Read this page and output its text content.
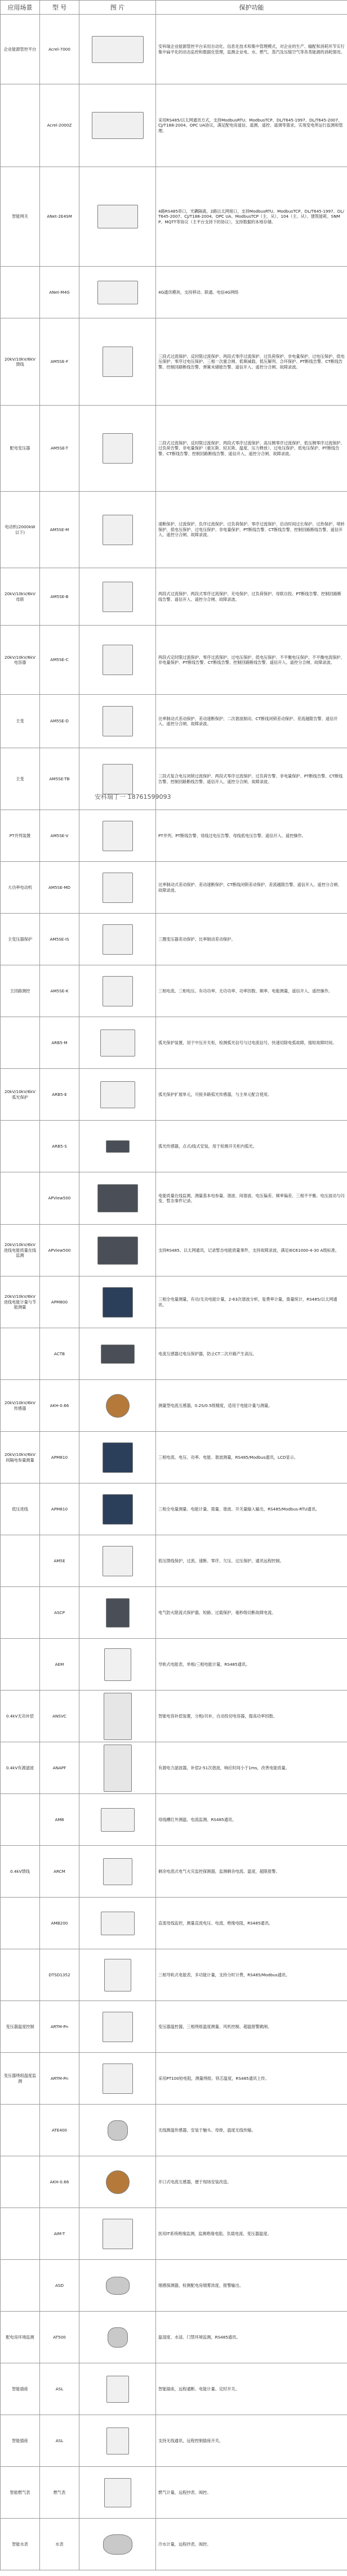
应用场景	型 号	图 片	保护功能
企业能源管控平台	Acrel-7000		安科瑞企业能源管控平台采用自动化、信息化技术和集中管理模式，对企业的生产、输配和消耗环节实行集中扁平化的动态监控和数据化管理，监测企业电、水、燃气、蒸汽及压缩空气等各类能源的消耗情况。
	Acrel-2000Z		采用RS485/以太网通讯方式，支持ModbusRTU、ModbusTCP、DL/T645-1997、DL/T645-2007、CJ/T188-2004、OPC UA协议，满足配电房遥信、遥测、遥控、遥调等需求，实现变电所运行监测和管理。
智能网关	ANet-2E4SM		4路RS485串口，光耦隔离，2路以太网接口，支持ModbusRTU、ModbusTCP、DL/T645-1997、DL/T645-2007、CJ/T188-2004、OPC UA、ModbusTCP（主、从）、104（主、从）、建筑能耗、SNMP、MQTT等协议（主平台支持下的协议），支持数据的本地存储。
	ANet-M4G		4G通讯模块，支持移动、联通、电信4G网络
20kV/10kV/6kV馈线	AM5SE-F		三段式过流保护、反时限过流保护、两段式零序过流保护、过负荷保护、非电量保护、过电压保护、低电压保护、零序过电压保护、三相一次重合闸、低频减载、低压解列、合环保护、PT断线告警、CT断线告警、控制回路断线告警、弹簧未储能告警、遥信开入、遥控分合闸、故障录波。
配电变压器	AM5SE-T		三段式过流保护、反时限过流保护、两段式零序过流保护、高压侧零序过流保护、低压侧零序过流保护、过负荷告警、非电量保护（重瓦斯、轻瓦斯、温度、压力释放）、过电压保护、低电压保护、PT断线告警、CT断线告警、控制回路断线告警、遥信开入、遥控分合闸、故障录波。
电动机(2000kW以下)	AM5SE-M		速断保护、过流保护、负序过流保护、过负荷保护、零序过流保护、启动时间过长保护、过热保护、堵转保护、低电压保护、过电压保护、非电量保护、PT断线告警、CT断线告警、控制回路断线告警、遥信开入、遥控分合闸、故障录波。
20kV/10kV/6kV母联	AM5SE-B		两段式过流保护、两段式零序过流保护、充电保护、过负荷保护、母联自投、PT断线告警、控制回路断线告警、遥信开入、遥控分合闸、故障录波。
20kV/10kV/6kV电容器	AM5SE-C		两段式定时限过流保护、零序过流保护、过电压保护、低电压保护、不平衡电压保护、不平衡电流保护、非电量保护、PT断线告警、CT断线告警、控制回路断线告警、遥信开入、遥控分合闸、故障录波。
主变	AM5SE-D		比率制动式差动保护、差动速断保护、二次谐波制动、CT断线闭锁差动保护、差流越限告警、遥信开入、遥控分合闸、故障录波。
主变	AM5SE-TB		三段式复合电压闭锁过流保护、两段式零序过流保护、过负荷告警、非电量保护、PT断线告警、CT断线告警、控制回路断线告警、遥信开入、遥控分合闸、故障录波。
PT并列装置	AM5SE-V		PT并列、PT断线告警、母线过电压告警、母线低电压告警、遥信开入、遥控操作。
大功率电动机	AM5SE-MD		比率制动式差动保护、差动速断保护、CT断线闭锁差动保护、差流越限告警、遥信开入、遥控分合闸、故障录波。
主变压器保护	AM5SE-IS		三圈变压器差动保护、比率制动差动保护。
主回路测控	AM5SE-K		三相电流、三相电压、有功功率、无功功率、功率因数、频率、电能测量，遥信开入、遥控操作。
	ARB5-M		弧光保护装置，用于中压开关柜，检测弧光信号与过电流信号，快速切除电弧故障，缩短故障时间。
20kV/10kV/6kV弧光保护	ARB5-E		弧光保护扩展单元，可接多路弧光传感器，与主单元配合使用。
	ARB5-S		弧光传感器，点式/线式安装，用于检测开关柜内弧光。
	APView500		电能质量在线监测，测量基本电参量、谐波、间谐波、电压偏差、频率偏差、三相不平衡、电压波动与闪变、暂态事件记录。
20kV/10kV/6kV进线电能质量在线监测	APView500		支持RS485、以太网通讯，记录暂态电能质量事件，支持故障录波，满足IEC61000-4-30 A级标准。
20kV/10kV/6kV进线电能计量与节能测量	APM800		三相全电量测量，有功/无功电能计量，2-63次谐波分析，复费率计量，需量统计，RS485/以太网通讯。
	ACTB		电流互感器过电压保护器，防止CT二次开路产生高压。
20kV/10kV/6kV传感器	AKH-0.66		测量型电流互感器，0.2S/0.5级精度，适用于电能计量与测量。
20kV/10kV/6kV间隔电参量测量	APM810		三相电流、电压、功率、电能、谐波测量，RS485/Modbus通讯，LCD显示。
低压进线	APM810		三相全电量测量、电能计量、需量、谐波、开关量输入输出，RS485/Modbus-RTU通讯。
	AM5E		低压馈线保护，过流、速断、零序、欠压、过压保护，通讯远程控制。
	ASCP		电气防火限流式保护器，短路、过载保护，毫秒级切断故障电流。
	AEM		导轨式电能表，单相/三相电能计量，RS485通讯。
0.4kV无功补偿	ANSVC		智能电容补偿装置，分相/共补，自动投切电容器，提高功率因数。
0.4kV有源滤波	ANAPF		有源电力滤波器，补偿2-51次谐波，响应时间小于1ms，改善电能质量。
	AMB		母线槽红外测温、电流监测、RS485通讯。
0.4kV馈线	ARCM		剩余电流式电气火灾监控探测器，监测剩余电流、温度，超限报警。
	AMB200		直流母线监控，测量直流电压、电流、绝缘电阻，RS485通讯。
	DTSD1352		三相导轨式电能表，多功能计量，支持分时计费，RS485/Modbus通讯。
变压器温度控制	ARTM-Pn		变压器温控器，三相绕组温度测量、风机控制、超温报警跳闸。
变压器绕组温度监测	ARTM-Pn		采用PT100铂电阻，测量绕组、铁芯温度，RS485通讯上传。
	ATE400		无线测温传感器，安装于触头、母排，温度无线传输。
	AKH-0.66		开口式电流互感器，便于现场安装改造。
	AIM-T		医用IT系统绝缘监测，监测绝缘电阻、负载电流、变压器温度。
	ASD		烟感探测器，检测配电房烟雾浓度，报警输出。
配电房环境监测	AT500		温湿度、水浸、门禁环境监测，RS485通讯。
智能插座	ASL		智能插座，远程通断、电能计量、定时开关。
智能插座	ASL		支持无线通讯，远程控制插座开关。
智能燃气表	燃气表		燃气计量，远程抄表、阀控。
智能水表	水表		冷水计量，远程抄表、阀控。
安科瑞丁一 18761599093
